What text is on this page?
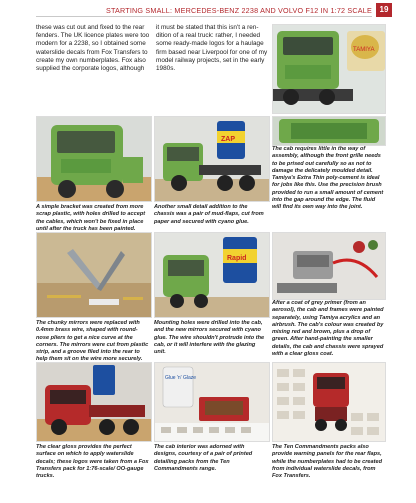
STARTING SMALL: MERCEDES-BENZ 2238 AND VOLVO F12 IN 1:72 SCALE 19
these was cut out and fixed to the rear fenders. The UK licence plates were too modern for a 2238, so I obtained some waterslide decals from Fox Transfers to create my own numberplates. Fox also supplied the corporate logos, although
it must be stated that this isn't a ren-dition of a real truck: rather, I needed some ready-made logos for a haulage firm based near Liverpool for one of my model railway projects, set in the early 1980s.
TAMIYA
ZAP
A simple bracket was created from more scrap plastic, with holes drilled to accept the cables, which won't be fixed in place until after the truck has been painted.
Another small detail addition to the chassis was a pair of mud-flaps, cut from paper and secured with cyano glue.
The cab requires little in the way of assembly, although the front grille needs to be prised out carefully so as not to damage the delicately moulded detail. Tamiya's Extra Thin poly-cement is ideal for jobs like this. Use the precision brush provided to run a small amount of cement into the gap around the edge. The fluid will find its own way into the joint.
Rapid
The chunky mirrors were replaced with 0.4mm brass wire, shaped with round-nose pliers to get a nice curve at the corners. The mirrors were cut from plastic strip, and a groove filed into the rear to help them sit on the wire more securely.
Mounting holes were drilled into the cab, and the new mirrors secured with cyano glue. The wire shouldn't protrude into the cab, or it will interfere with the glazing unit.
After a coat of grey primer (from an aerosol), the cab and frames were painted separately, using Tamiya acrylics and an airbrush. The cab's colour was created by mixing red and brown, plus a drop of green. After hand-painting the smaller details, the cab and chassis were sprayed with a clear gloss coat.
Glue 'n' Glaze
The clear gloss provides the perfect surface on which to apply waterslide decals; these logos were taken from a Fox Transfers pack for 1:76-scale/ OO-gauge trucks.
The cab interior was adorned with designs, courtesy of a pair of printed detailing packs from the Ten Commandments range.
The Ten Commandments packs also provide warning panels for the rear flaps, while the numberplates had to be created from individual waterslide decals, from Fox Transfers.
